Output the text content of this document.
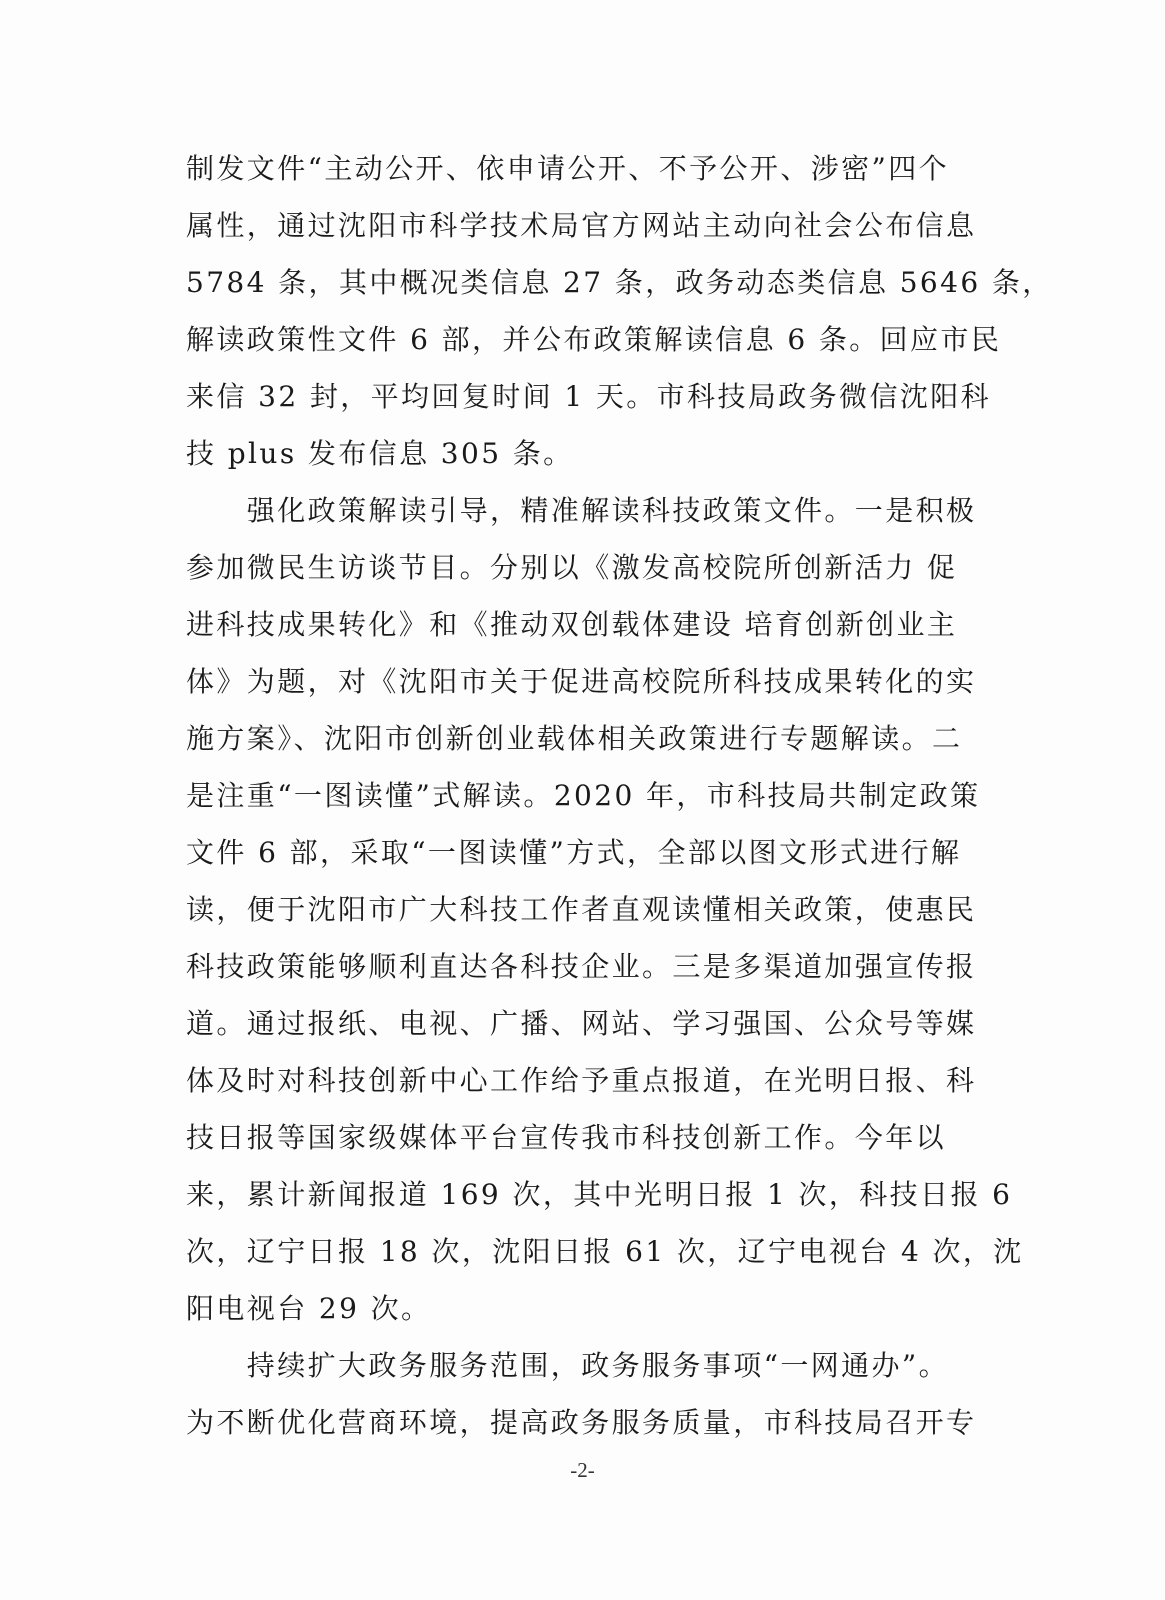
制发文件“主动公开、依申请公开、不予公开、涉密”四个
属性，通过沈阳市科学技术局官方网站主动向社会公布信息
5784 条，其中概况类信息 27 条，政务动态类信息 5646 条，
解读政策性文件 6 部，并公布政策解读信息 6 条。回应市民
来信 32 封，平均回复时间 1 天。市科技局政务微信沈阳科
技 plus 发布信息 305 条。
　　强化政策解读引导，精准解读科技政策文件。一是积极
参加微民生访谈节目。分别以《激发高校院所创新活力 促
进科技成果转化》和《推动双创载体建设 培育创新创业主
体》为题，对《沈阳市关于促进高校院所科技成果转化的实
施方案》、沈阳市创新创业载体相关政策进行专题解读。二
是注重“一图读懂”式解读。2020 年，市科技局共制定政策
文件 6 部，采取“一图读懂”方式，全部以图文形式进行解
读，便于沈阳市广大科技工作者直观读懂相关政策，使惠民
科技政策能够顺利直达各科技企业。三是多渠道加强宣传报
道。通过报纸、电视、广播、网站、学习强国、公众号等媒
体及时对科技创新中心工作给予重点报道，在光明日报、科
技日报等国家级媒体平台宣传我市科技创新工作。今年以
来，累计新闻报道 169 次，其中光明日报 1 次，科技日报 6
次，辽宁日报 18 次，沈阳日报 61 次，辽宁电视台 4 次，沈
阳电视台 29 次。
　　持续扩大政务服务范围，政务服务事项“一网通办”。
为不断优化营商环境，提高政务服务质量，市科技局召开专
-2-
